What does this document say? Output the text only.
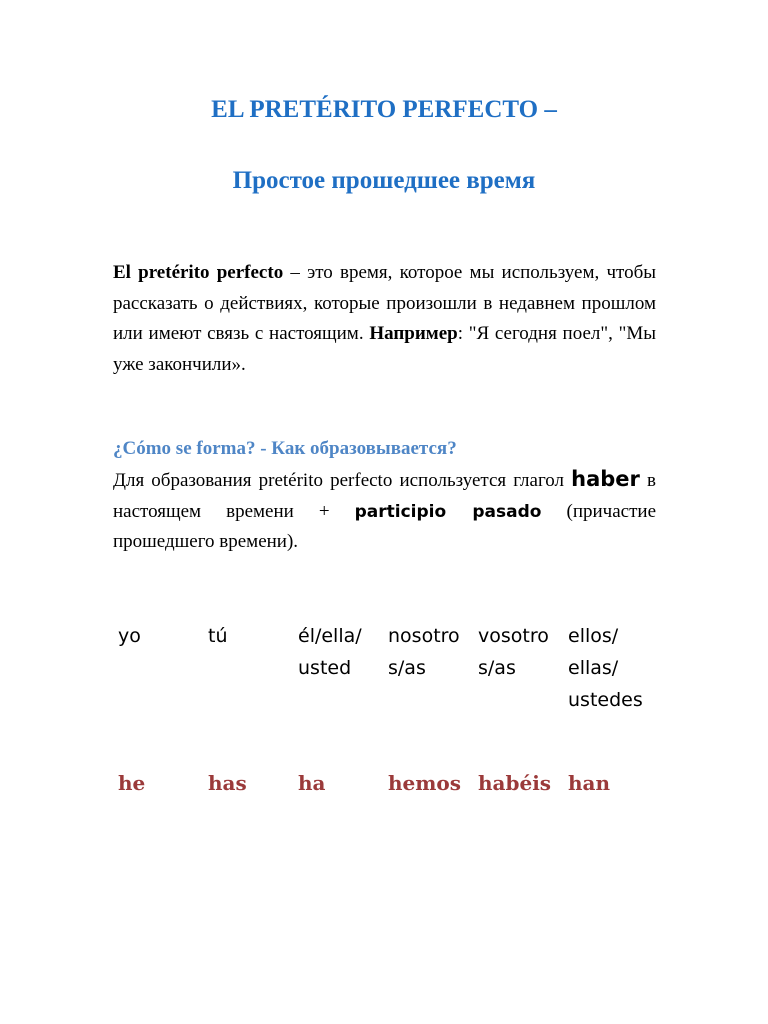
EL PRETÉRITO PERFECTO –
Простое прошедшее время

El pretérito perfecto – это время, которое мы используем, чтобы рассказать о действиях, которые произошли в недавнем прошлом или имеют связь с настоящим. Например: "Я сегодня поел", "Мы уже закончили».

¿Cómo se forma? - Как образовывается?

Для образования pretérito perfecto используется глагол haber в настоящем времени + participio pasado (причастие прошедшего времени).

yo

he

tú

has

él/ella/

usted

ha

nosotro

s/as

hemos

vosotro

s/as

habéis

ellos/

ellas/

ustedes

han
